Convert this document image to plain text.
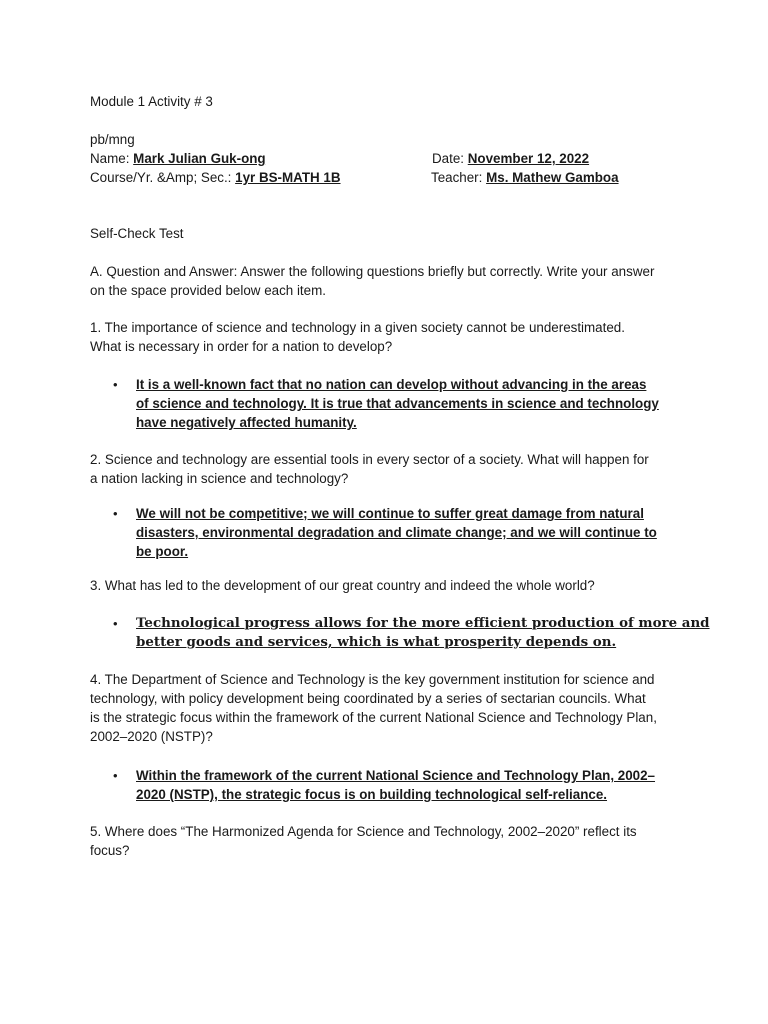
Module 1 Activity # 3
pb/mng
Name: Mark Julian Guk-ong	Date: November 12, 2022
Course/Yr. &Amp; Sec.: 1yr BS-MATH 1B	Teacher: Ms. Mathew Gamboa
Self-Check Test
A. Question and Answer: Answer the following questions briefly but correctly. Write your answer
on the space provided below each item.
1. The importance of science and technology in a given society cannot be underestimated.
What is necessary in order for a nation to develop?
• It is a well-known fact that no nation can develop without advancing in the areas
of science and technology. It is true that advancements in science and technology
have negatively affected humanity.
2. Science and technology are essential tools in every sector of a society. What will happen for
a nation lacking in science and technology?
• We will not be competitive; we will continue to suffer great damage from natural
disasters, environmental degradation and climate change; and we will continue to
be poor.
3. What has led to the development of our great country and indeed the whole world?
• Technological progress allows for the more efficient production of more and
better goods and services, which is what prosperity depends on.
4. The Department of Science and Technology is the key government institution for science and
technology, with policy development being coordinated by a series of sectarian councils. What
is the strategic focus within the framework of the current National Science and Technology Plan,
2002–2020 (NSTP)?
• Within the framework of the current National Science and Technology Plan, 2002–
2020 (NSTP), the strategic focus is on building technological self-reliance.
5. Where does “The Harmonized Agenda for Science and Technology, 2002–2020” reflect its
focus?
